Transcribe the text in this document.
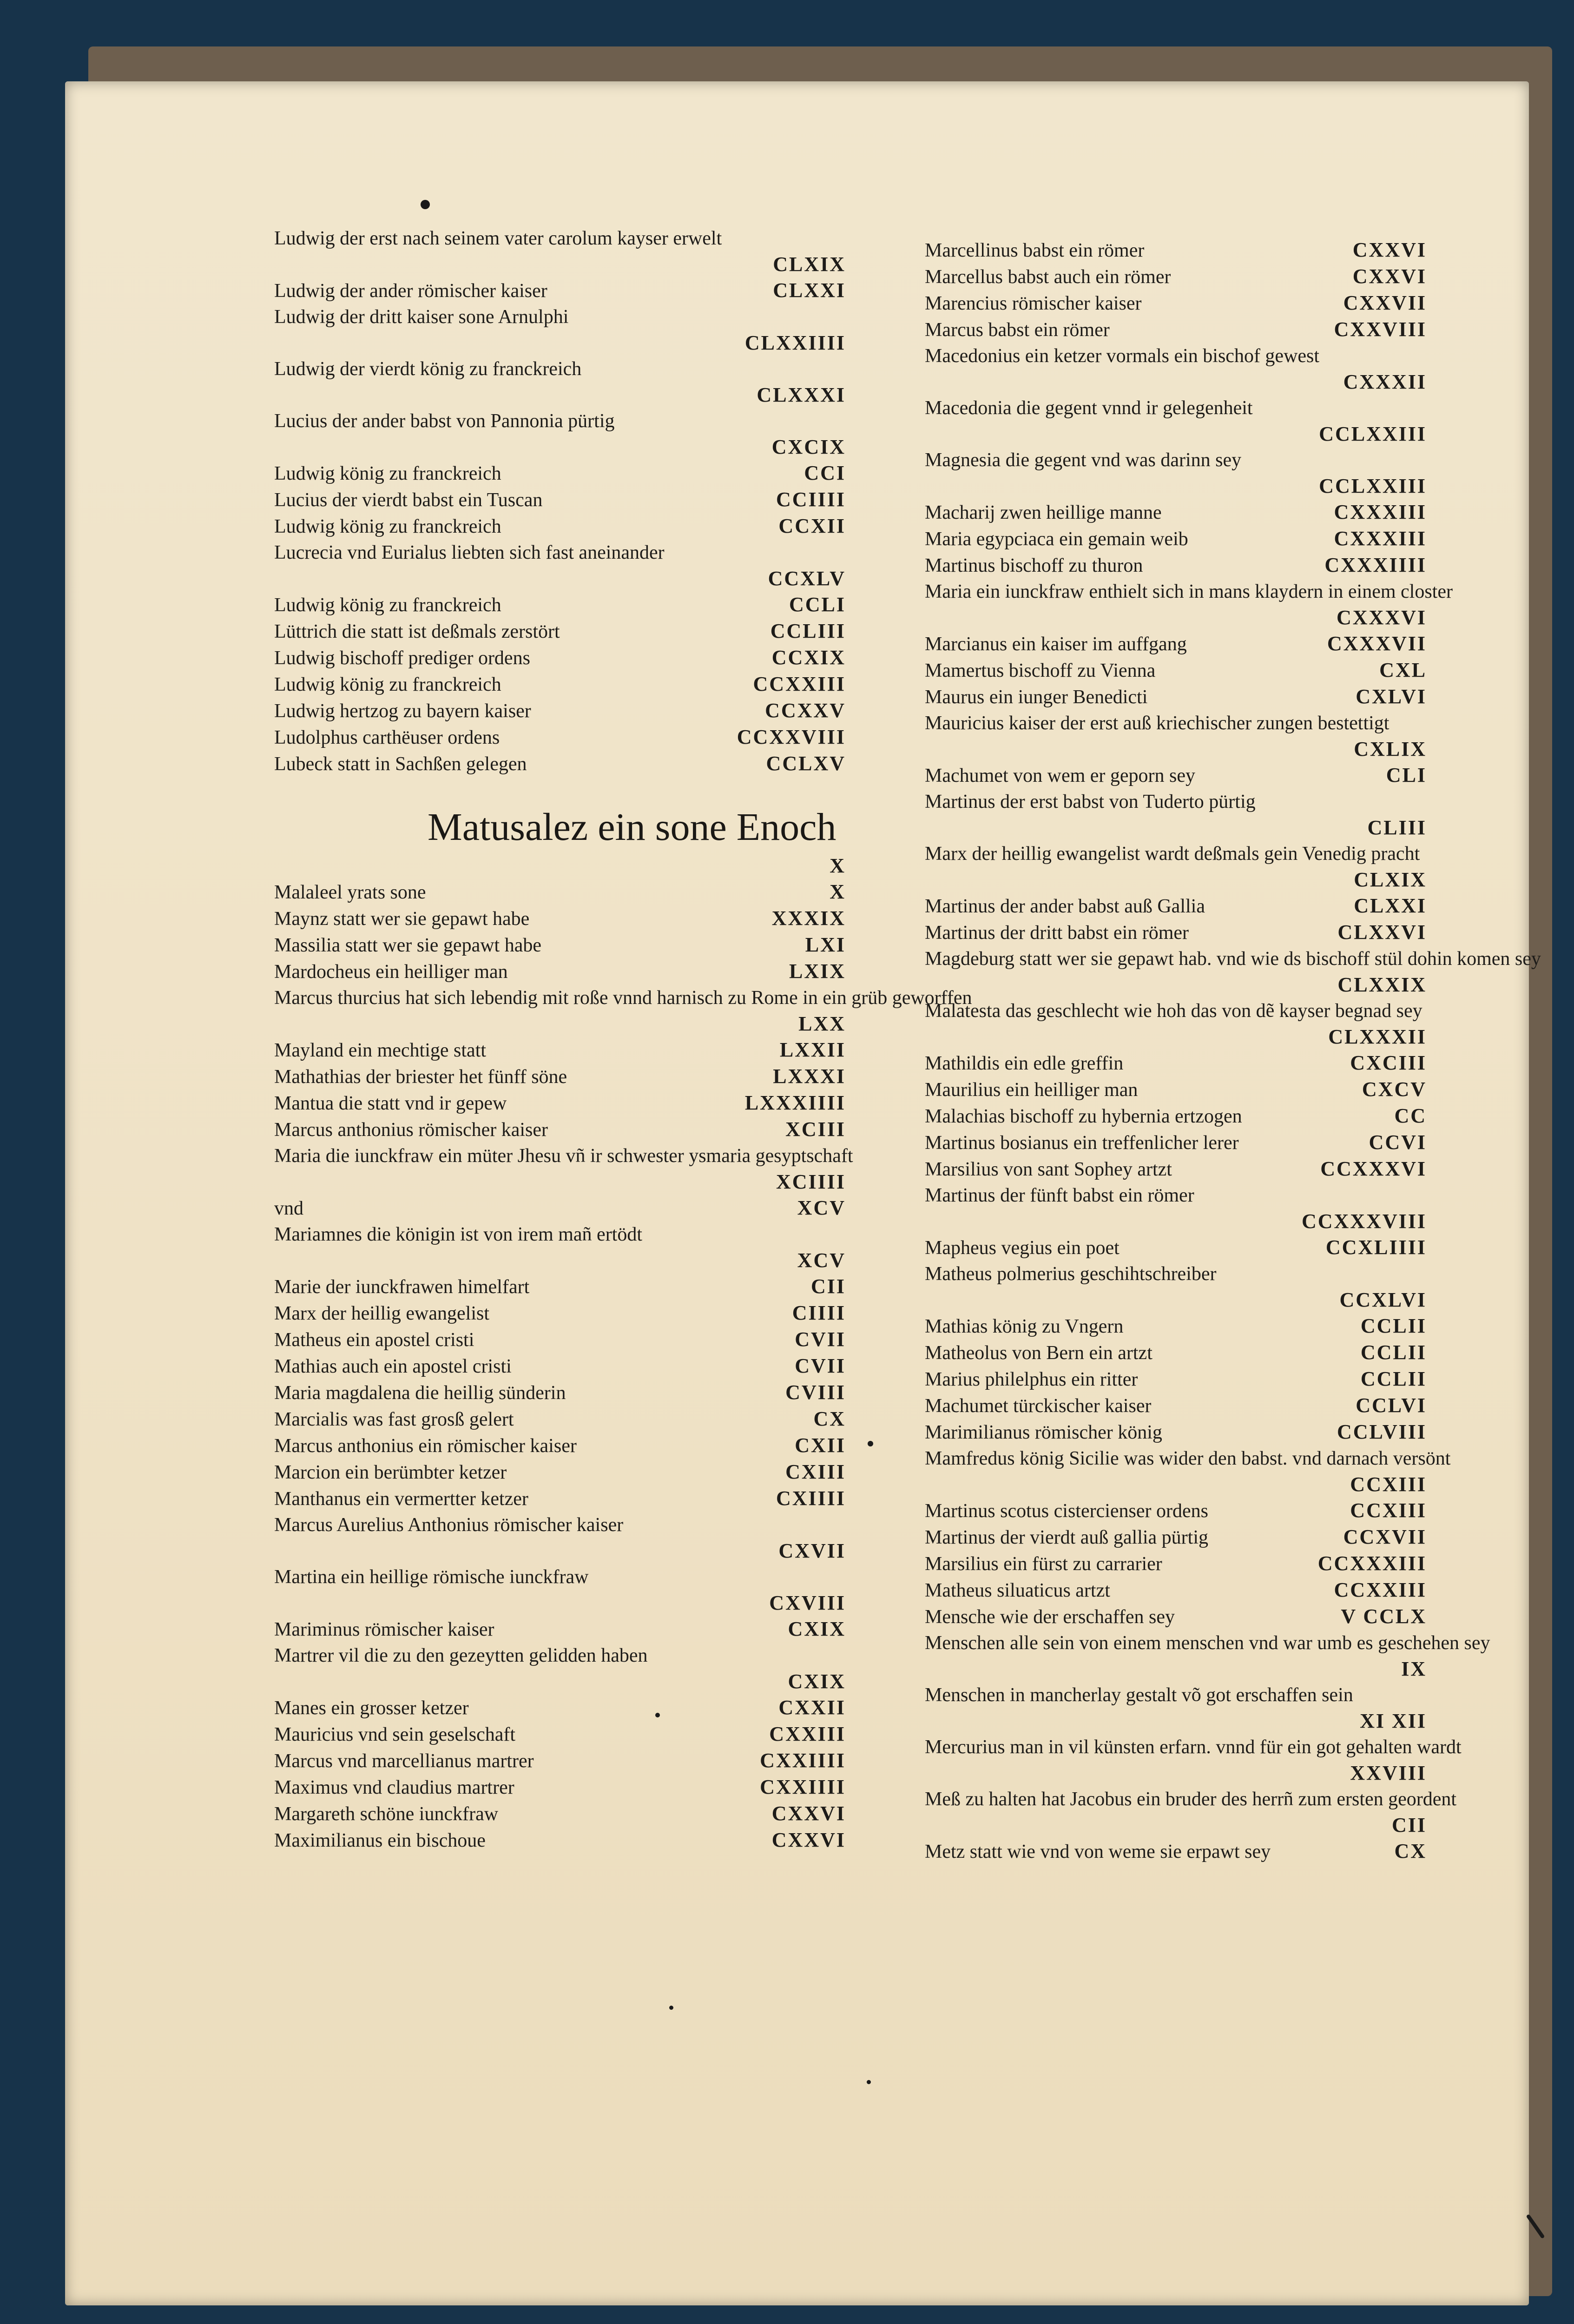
Ludwig der erst nach seinem vater carolum kayser erwelt
CLXIX
Ludwig der ander römischer kaiser	CLXXI
Ludwig der dritt kaiser sone Arnulphi
CLXXIIII
Ludwig der vierdt könig zu franckreich
CLXXXI
Lucius der ander babst von Pannonia pürtig
CXCIX
Ludwig könig zu franckreich	CCI
Lucius der vierdt babst ein Tuscan	CCIIII
Ludwig könig zu franckreich	CCXII
Lucrecia vnd Eurialus liebten sich fast aneinander
CCXLV
Ludwig könig zu franckreich	CCLI
Lüttrich die statt ist deßmals zerstört	CCLIII
Ludwig bischoff prediger ordens	CCXIX
Ludwig könig zu franckreich	CCXXIII
Ludwig hertzog zu bayern kaiser	CCXXV
Ludolphus carthëuser ordens	CCXXVIII
Lubeck statt in Sachßen gelegen	CCLXV
Matusalez ein sone Enoch
X
Malaleel yrats sone	X
Maynz statt wer sie gepawt habe	XXXIX
Massilia statt wer sie gepawt habe	LXI
Mardocheus ein heilliger man	LXIX
Marcus thurcius hat sich lebendig mit roße vnnd harnisch zu Rome in ein grüb geworffen
LXX
Mayland ein mechtige statt	LXXII
Mathathias der briester het fünff söne	LXXXI
Mantua die statt vnd ir gepew	LXXXIIII
Marcus anthonius römischer kaiser	XCIII
Maria die iunckfraw ein müter Jhesu vñ ir schwester ysmaria gesyptschaft
XCIIII
vnd	XCV
Mariamnes die königin ist von irem mañ ertödt
XCV
Marie der iunckfrawen himelfart	CII
Marx der heillig ewangelist	CIIII
Matheus ein apostel cristi	CVII
Mathias auch ein apostel cristi	CVII
Maria magdalena die heillig sünderin	CVIII
Marcialis was fast grosß gelert	CX
Marcus anthonius ein römischer kaiser	CXII
Marcion ein berümbter ketzer	CXIII
Manthanus ein vermertter ketzer	CXIIII
Marcus Aurelius Anthonius römischer kaiser
CXVII
Martina ein heillige römische iunckfraw
CXVIII
Mariminus römischer kaiser	CXIX
Martrer vil die zu den gezeytten gelidden haben
CXIX
Manes ein grosser ketzer	CXXII
Mauricius vnd sein geselschaft	CXXIII
Marcus vnd marcellianus martrer	CXXIIII
Maximus vnd claudius martrer	CXXIIII
Margareth schöne iunckfraw	CXXVI
Maximilianus ein bischoue	CXXVI
Marcellinus babst ein römer	CXXVI
Marcellus babst auch ein römer	CXXVI
Marencius römischer kaiser	CXXVII
Marcus babst ein römer	CXXVIII
Macedonius ein ketzer vormals ein bischof gewest
CXXXII
Macedonia die gegent vnnd ir gelegenheit
CCLXXIII
Magnesia die gegent vnd was darinn sey
CCLXXIII
Macharij zwen heillige manne	CXXXIII
Maria egypciaca ein gemain weib	CXXXIII
Martinus bischoff zu thuron	CXXXIIII
Maria ein iunckfraw enthielt sich in mans klaydern in einem closter
CXXXVI
Marcianus ein kaiser im auffgang	CXXXVII
Mamertus bischoff zu Vienna	CXL
Maurus ein iunger Benedicti	CXLVI
Mauricius kaiser der erst auß kriechischer zungen bestettigt
CXLIX
Machumet von wem er geporn sey	CLI
Martinus der erst babst von Tuderto pürtig
CLIII
Marx der heillig ewangelist wardt deßmals gein Venedig pracht
CLXIX
Martinus der ander babst auß Gallia	CLXXI
Martinus der dritt babst ein römer	CLXXVI
Magdeburg statt wer sie gepawt hab. vnd wie ds bischoff stül dohin komen sey
CLXXIX
Malatesta das geschlecht wie hoh das von dẽ kayser begnad sey
CLXXXII
Mathildis ein edle greffin	CXCIII
Maurilius ein heilliger man	CXCV
Malachias bischoff zu hybernia ertzogen	CC
Martinus bosianus ein treffenlicher lerer	CCVI
Marsilius von sant Sophey artzt	CCXXXVI
Martinus der fünft babst ein römer
CCXXXVIII
Mapheus vegius ein poet	CCXLIIII
Matheus polmerius geschihtschreiber
CCXLVI
Mathias könig zu Vngern	CCLII
Matheolus von Bern ein artzt	CCLII
Marius philelphus ein ritter	CCLII
Machumet türckischer kaiser	CCLVI
Marimilianus römischer könig	CCLVIII
Mamfredus könig Sicilie was wider den babst. vnd darnach versönt
CCXIII
Martinus scotus cistercienser ordens	CCXIII
Martinus der vierdt auß gallia pürtig	CCXVII
Marsilius ein fürst zu carrarier	CCXXXIII
Matheus siluaticus artzt	CCXXIII
Mensche wie der erschaffen sey	V CCLX
Menschen alle sein von einem menschen vnd war umb es geschehen sey
IX
Menschen in mancherlay gestalt võ got erschaffen sein
XI XII
Mercurius man in vil künsten erfarn. vnnd für ein got gehalten wardt
XXVIII
Meß zu halten hat Jacobus ein bruder des herrñ zum ersten geordent
CII
Metz statt wie vnd von weme sie erpawt sey	CX
